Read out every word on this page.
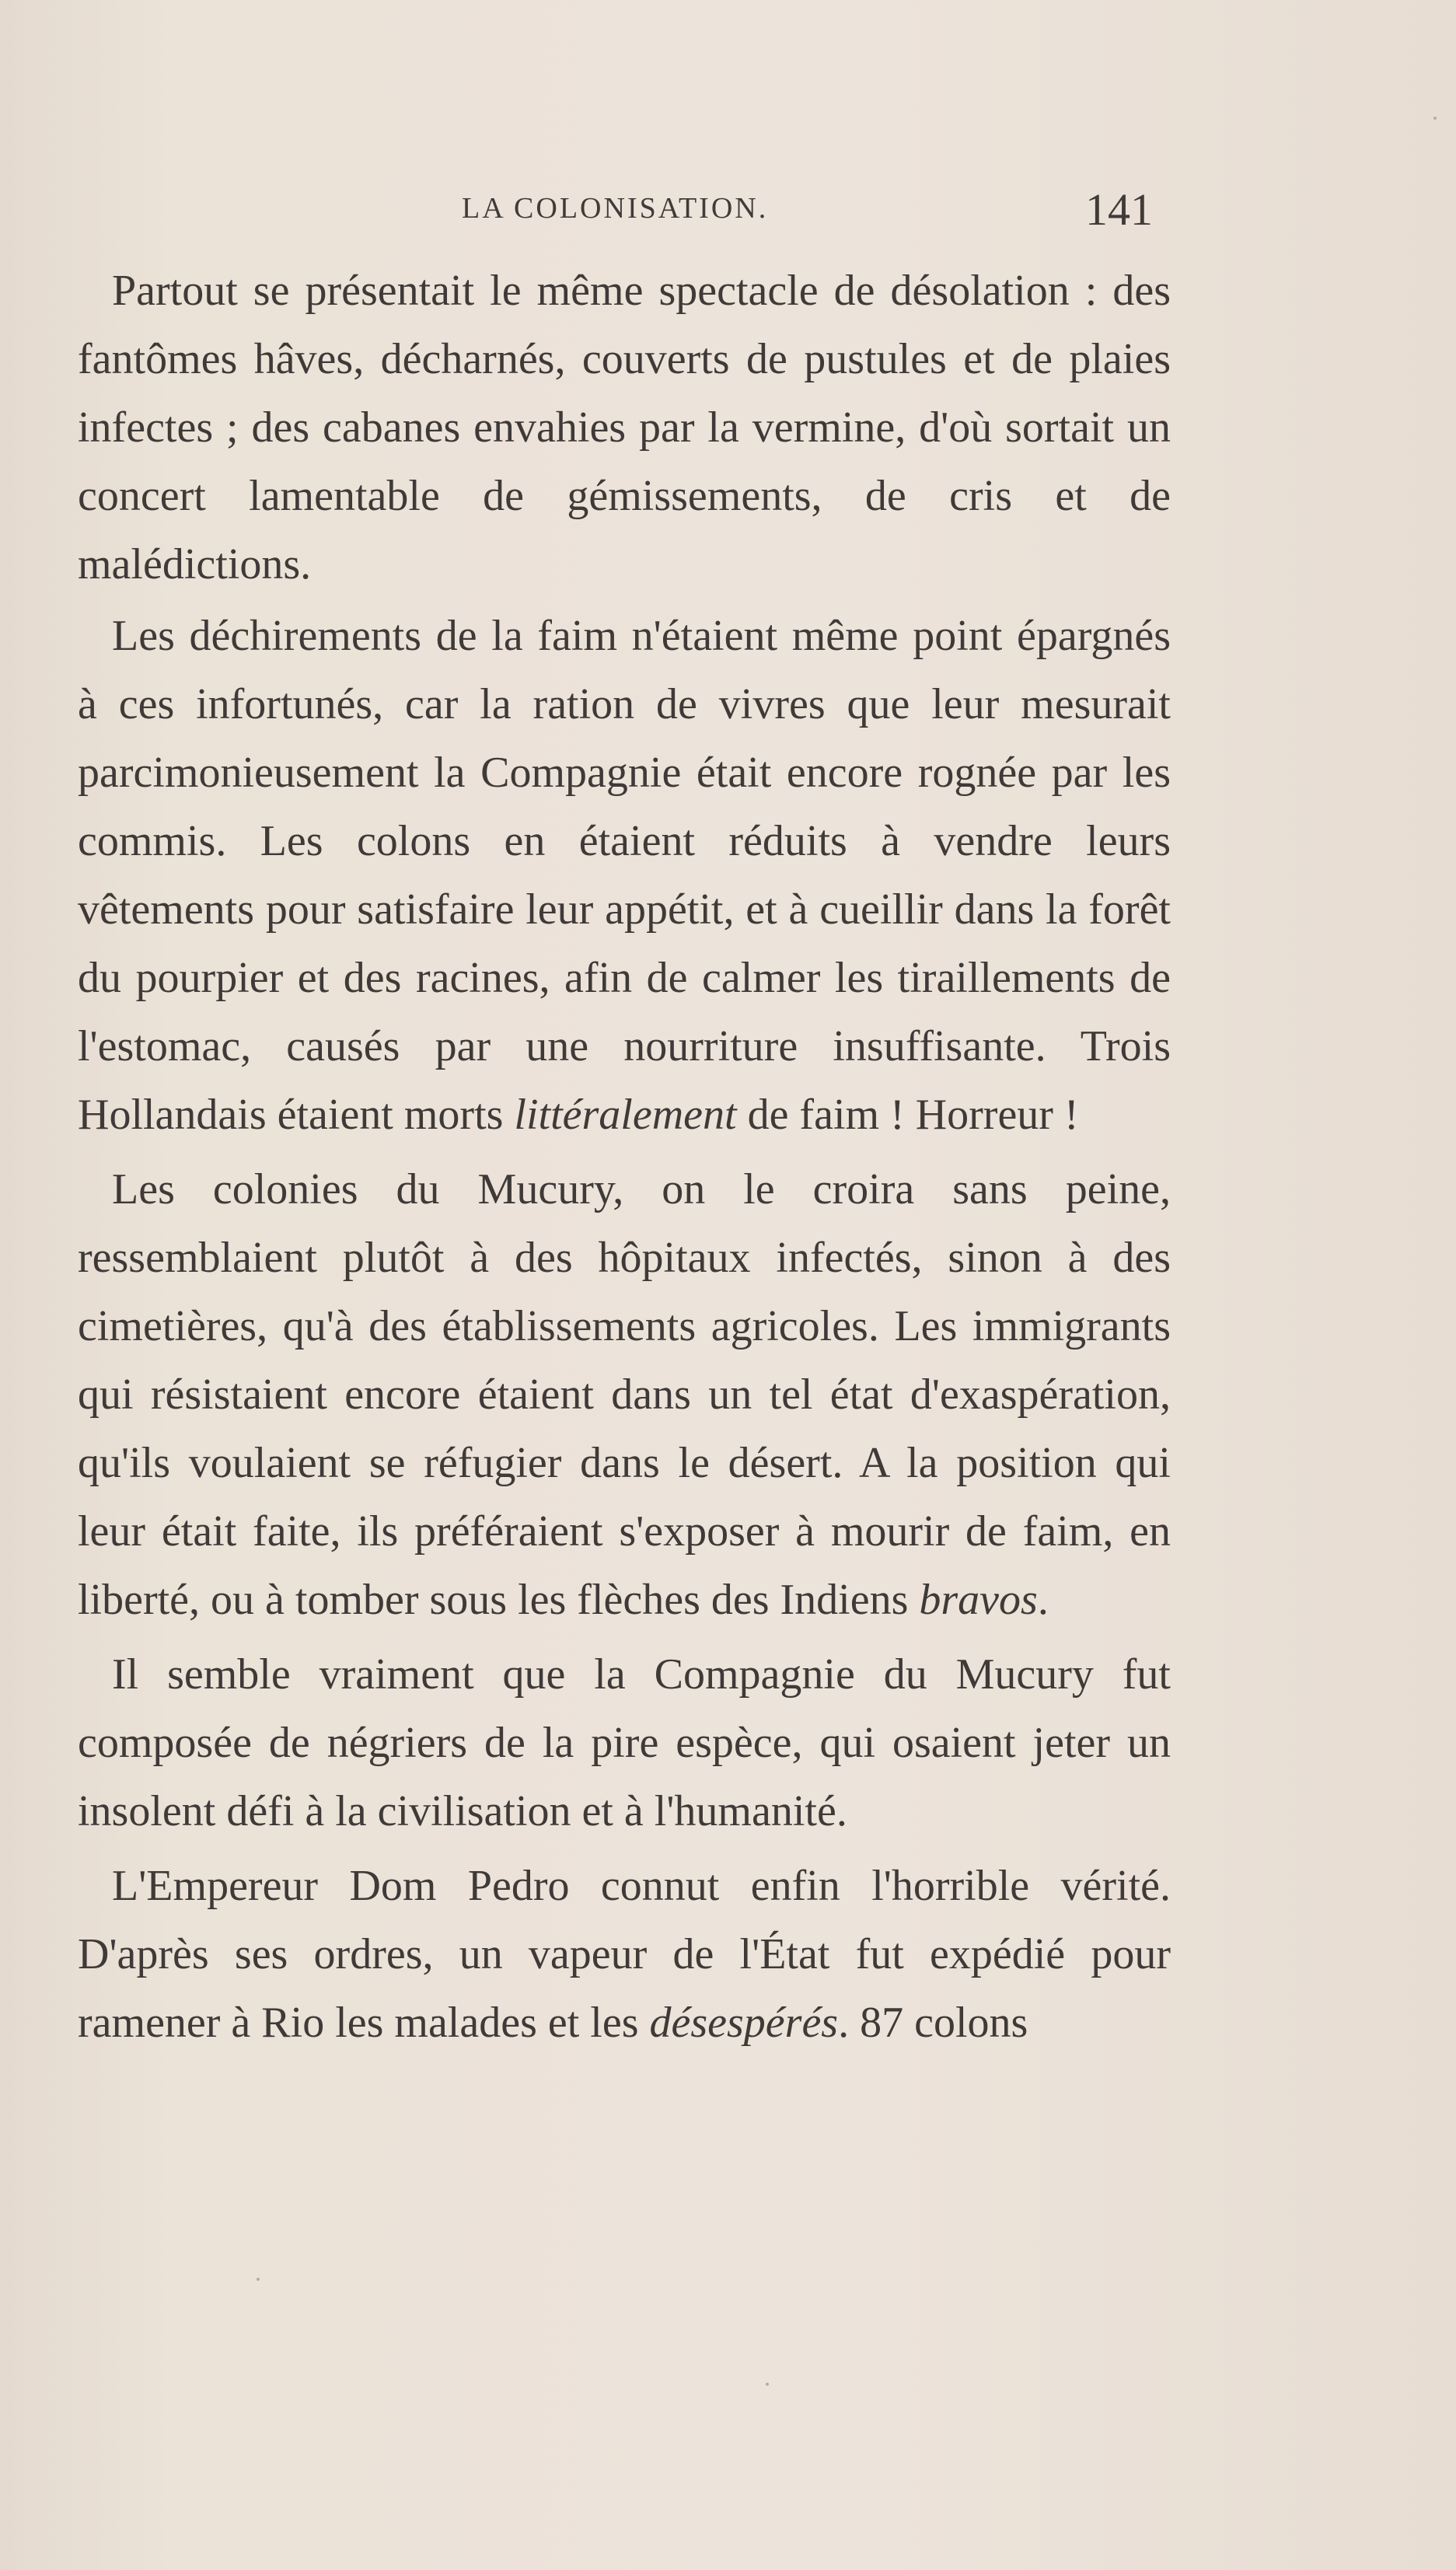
LA COLONISATION.	141

Partout se présentait le même spectacle de désolation : des fantômes hâves, décharnés, couverts de pustules et de plaies infectes ; des cabanes envahies par la vermine, d'où sortait un concert lamentable de gémissements, de cris et de malédictions.

Les déchirements de la faim n'étaient même point épargnés à ces infortunés, car la ration de vivres que leur mesurait parcimonieusement la Compagnie était encore rognée par les commis. Les colons en étaient réduits à vendre leurs vêtements pour satisfaire leur appétit, et à cueillir dans la forêt du pourpier et des racines, afin de calmer les tiraillements de l'estomac, causés par une nourriture insuffisante. Trois Hollandais étaient morts littéralement de faim ! Horreur !

Les colonies du Mucury, on le croira sans peine, ressemblaient plutôt à des hôpitaux infectés, sinon à des cimetières, qu'à des établissements agricoles. Les immigrants qui résistaient encore étaient dans un tel état d'exaspération, qu'ils voulaient se réfugier dans le désert. A la position qui leur était faite, ils préféraient s'exposer à mourir de faim, en liberté, ou à tomber sous les flèches des Indiens bravos.

Il semble vraiment que la Compagnie du Mucury fut composée de négriers de la pire espèce, qui osaient jeter un insolent défi à la civilisation et à l'humanité.

L'Empereur Dom Pedro connut enfin l'horrible vérité. D'après ses ordres, un vapeur de l'État fut expédié pour ramener à Rio les malades et les désespérés. 87 colons
